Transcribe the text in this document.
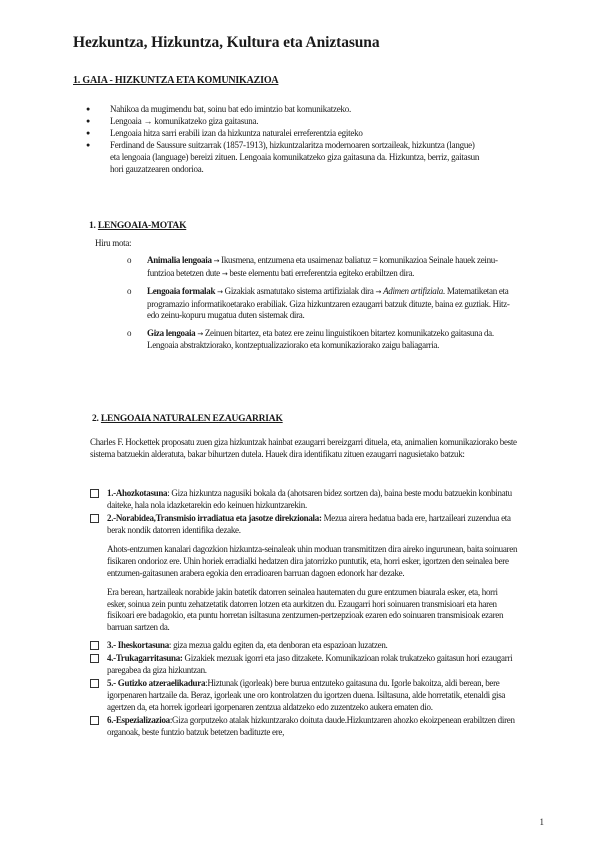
Hezkuntza, Hizkuntza, Kultura eta Aniztasuna
1. GAIA - HIZKUNTZA ETA KOMUNIKAZIOA
● Nahikoa da mugimendu bat, soinu bat edo imintzio bat komunikatzeko.
● Lengoaia → komunikatzeko giza gaitasuna.
● Lengoaia hitza sarri erabili izan da hizkuntza naturalei erreferentzia egiteko
● Ferdinand de Saussure suitzarrak (1857-1913), hizkuntzalaritza modernoaren sortzaileak, hizkuntza (langue) eta lengoaia (language) bereizi zituen. Lengoaia komunikatzeko giza gaitasuna da. Hizkuntza, berriz, gaitasun hori gauzatzearen ondorioa.
1. LENGOAIA-MOTAK
Hiru mota:
o Animalia lengoaia → Ikusmena, entzumena eta usaimenaz baliatuz = komunikazioa Seinale hauek zeinu-funtzioa betetzen dute → beste elementu bati erreferentzia egiteko erabiltzen dira.
o Lengoaia formalak → Gizakiak asmatutako sistema artifizialak dira → Adimen artifiziala. Matematiketan eta programazio informatikoetarako erabiliak. Giza hizkuntzaren ezaugarri batzuk dituzte, baina ez guztiak. Hitz- edo zeinu-kopuru mugatua duten sistemak dira.
o Giza lengoaia → Zeinuen bitartez, eta batez ere zeinu linguistikoen bitartez komunikatzeko gaitasuna da. Lengoaia abstraktziorako, kontzeptualizaziorako eta komunikaziorako zaigu baliagarria.
2. LENGOAIA NATURALEN EZAUGARRIAK
Charles F. Hockettek proposatu zuen giza hizkuntzak hainbat ezaugarri bereizgarri dituela, eta, animalien komunikaziorako beste sistema batzuekin alderatuta, bakar bihurtzen dutela. Hauek dira identifikatu zituen ezaugarri nagusietako batzuk:
1.-Ahozkotasuna: Giza hizkuntza nagusiki bokala da (ahotsaren bidez sortzen da), baina beste modu batzuekin konbinatu daiteke, hala nola idazketarekin edo keinuen hizkuntzarekin.
2.-Norabidea,Transmisio irradiatua eta jasotze direkzionala: Mezua airera hedatua bada ere, hartzaileari zuzendua eta berak nondik datorren identifika dezake.
Ahots-entzumen kanalari dagozkion hizkuntza-seinaleak uhin moduan transmititzen dira aireko ingurunean, baita soinuaren fisikaren ondorioz ere. Uhin horiek erradialki hedatzen dira jatorrizko puntutik, eta, horri esker, igortzen den seinalea bere entzumen-gaitasunen arabera egokia den erradioaren barruan dagoen edonork har dezake.
Era berean, hartzaileak norabide jakin batetik datorren seinalea hautematen du gure entzumen biaurala esker, eta, horri esker, soinua zein puntu zehatzetatik datorren lotzen eta aurkitzen du. Ezaugarri hori soinuaren transmisioari eta haren fisikoari ere badagokio, eta puntu horretan isiltasuna zentzumen-pertzepzioak ezaren edo soinuaren transmisioak ezaren barruan sartzen da.
3.- Iheskortasuna: giza mezua galdu egiten da, eta denboran eta espazioan luzatzen.
4.-Trukagarritasuna: Gizakiek mezuak igorri eta jaso ditzakete. Komunikazioan rolak trukatzeko gaitasun hori ezaugarri paregabea da giza hizkuntzan.
5.- Gutizko atzeraelikadura:Hiztunak (igorleak) bere buruа entzuteko gaitasuna du. Igorle bakoitza, aldi berean, bere igorpenaren hartzaile da. Beraz, igorleak une oro kontrolatzen du igortzen duena. Isiltasuna, alde horretatik, etenaldi gisa agertzen da, eta horrek igorleari igorpenaren zentzua aldatzeko edo zuzentzeko aukera ematen dio.
6.-Espezializazioa:Giza gorputzeko atalak hizkuntzarako doituta daude.Hizkuntzaren ahozko ekoizpenean erabiltzen diren organoak, beste funtzio batzuk betetzen badituzte ere,
1
